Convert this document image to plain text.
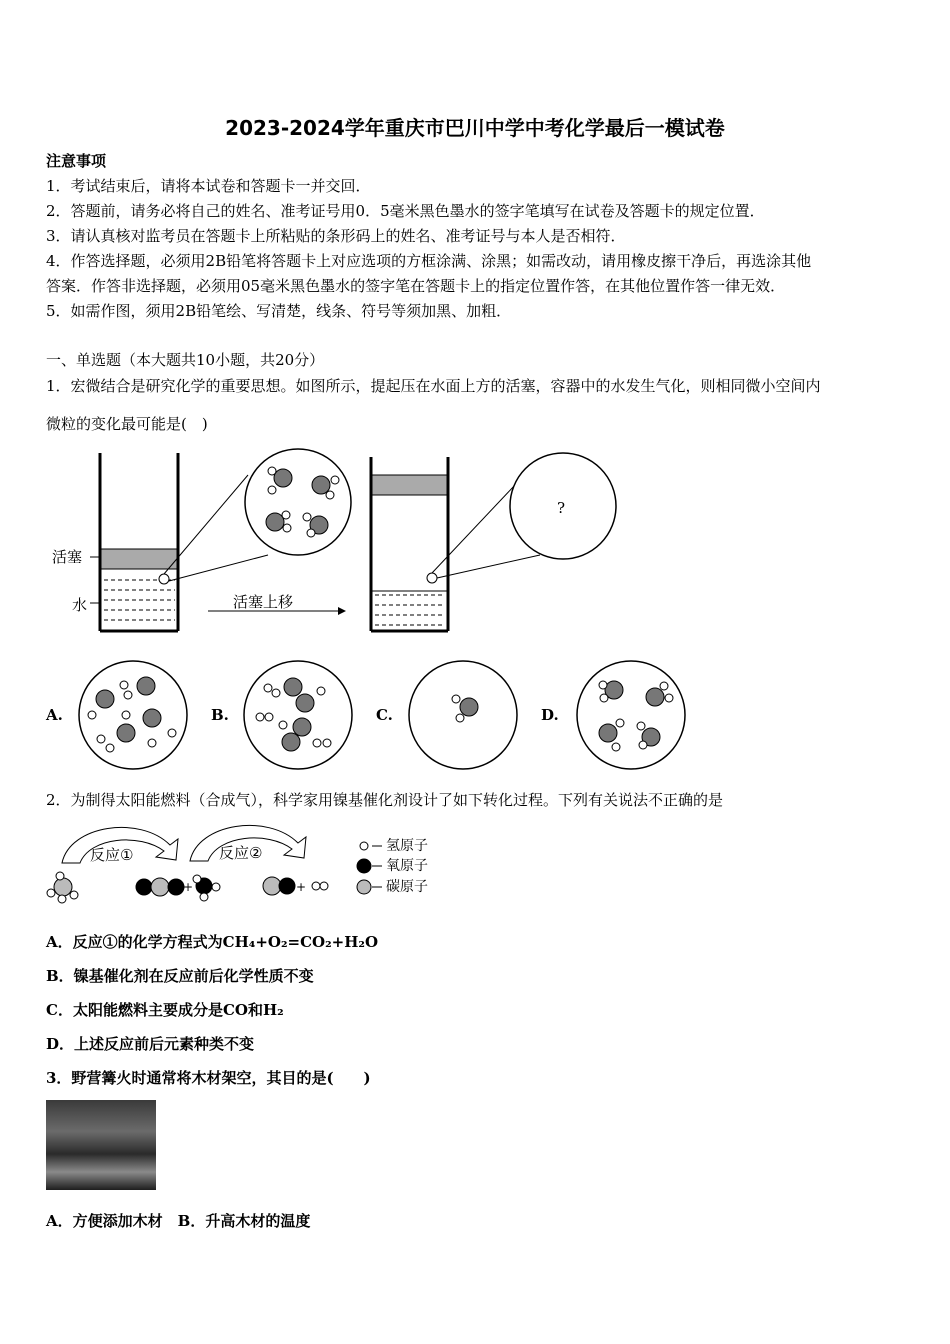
2023-2024学年重庆市巴川中学中考化学最后一模试卷
注意事项
1．考试结束后，请将本试卷和答题卡一并交回．
2．答题前，请务必将自己的姓名、准考证号用0．5毫米黑色墨水的签字笔填写在试卷及答题卡的规定位置．
3．请认真核对监考员在答题卡上所粘贴的条形码上的姓名、准考证号与本人是否相符．
4．作答选择题，必须用2B铅笔将答题卡上对应选项的方框涂满、涂黑；如需改动，请用橡皮擦干净后，再选涂其他
答案．作答非选择题，必须用05毫米黑色墨水的签字笔在答题卡上的指定位置作答，在其他位置作答一律无效．
5．如需作图，须用2B铅笔绘、写清楚，线条、符号等须加黑、加粗．
一、单选题（本大题共10小题，共20分）
1．宏微结合是研究化学的重要思想。如图所示，提起压在水面上方的活塞，容器中的水发生气化，则相同微小空间内
微粒的变化最可能是(　)
活塞
水	活塞上移
?
A.	B.	C.	D.
2．为制得太阳能燃料（合成气），科学家用镍基催化剂设计了如下转化过程。下列有关说法不正确的是
反应①	反应②
+	+
氢原子
氧原子
碳原子
A．反应①的化学方程式为CH₄+O₂=CO₂+H₂O
B．镍基催化剂在反应前后化学性质不变
C．太阳能燃料主要成分是CO和H₂
D．上述反应前后元素种类不变
3．野营篝火时通常将木材架空，其目的是(　　)
A．方便添加木材　B．升高木材的温度
